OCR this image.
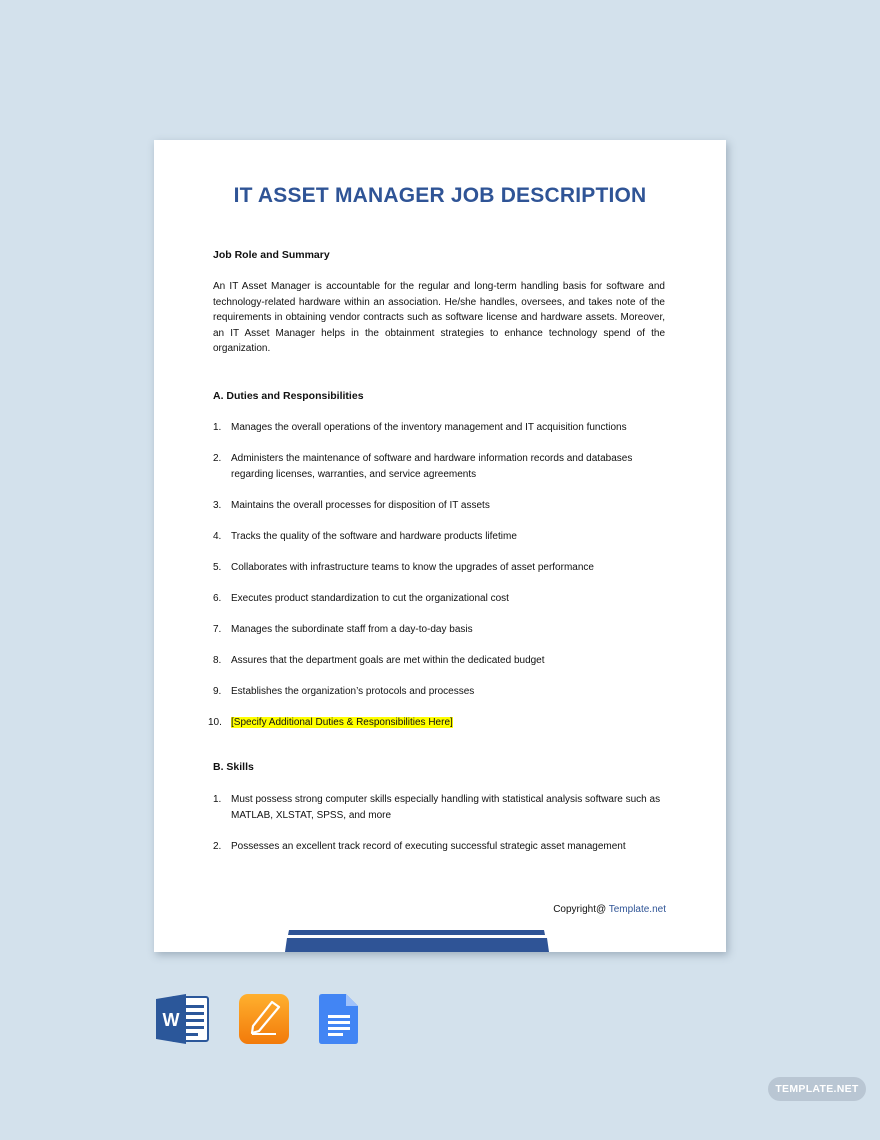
IT ASSET MANAGER JOB DESCRIPTION
Job Role and Summary
An IT Asset Manager is accountable for the regular and long-term handling basis for software and technology-related hardware within an association. He/she handles, oversees, and takes note of the requirements in obtaining vendor contracts such as software license and hardware assets. Moreover, an IT Asset Manager helps in the obtainment strategies to enhance technology spend of the organization.
A. Duties and Responsibilities
1. Manages the overall operations of the inventory management and IT acquisition functions
2. Administers the maintenance of software and hardware information records and databases regarding licenses, warranties, and service agreements
3. Maintains the overall processes for disposition of IT assets
4. Tracks the quality of the software and hardware products lifetime
5. Collaborates with infrastructure teams to know the upgrades of asset performance
6. Executes product standardization to cut the organizational cost
7. Manages the subordinate staff from a day-to-day basis
8. Assures that the department goals are met within the dedicated budget
9. Establishes the organization’s protocols and processes
10. [Specify Additional Duties & Responsibilities Here]
B. Skills
1. Must possess strong computer skills especially handling with statistical analysis software such as MATLAB, XLSTAT, SPSS, and more
2. Possesses an excellent track record of executing successful strategic asset management
Copyright@ Template.net
W
TEMPLATE.NET
